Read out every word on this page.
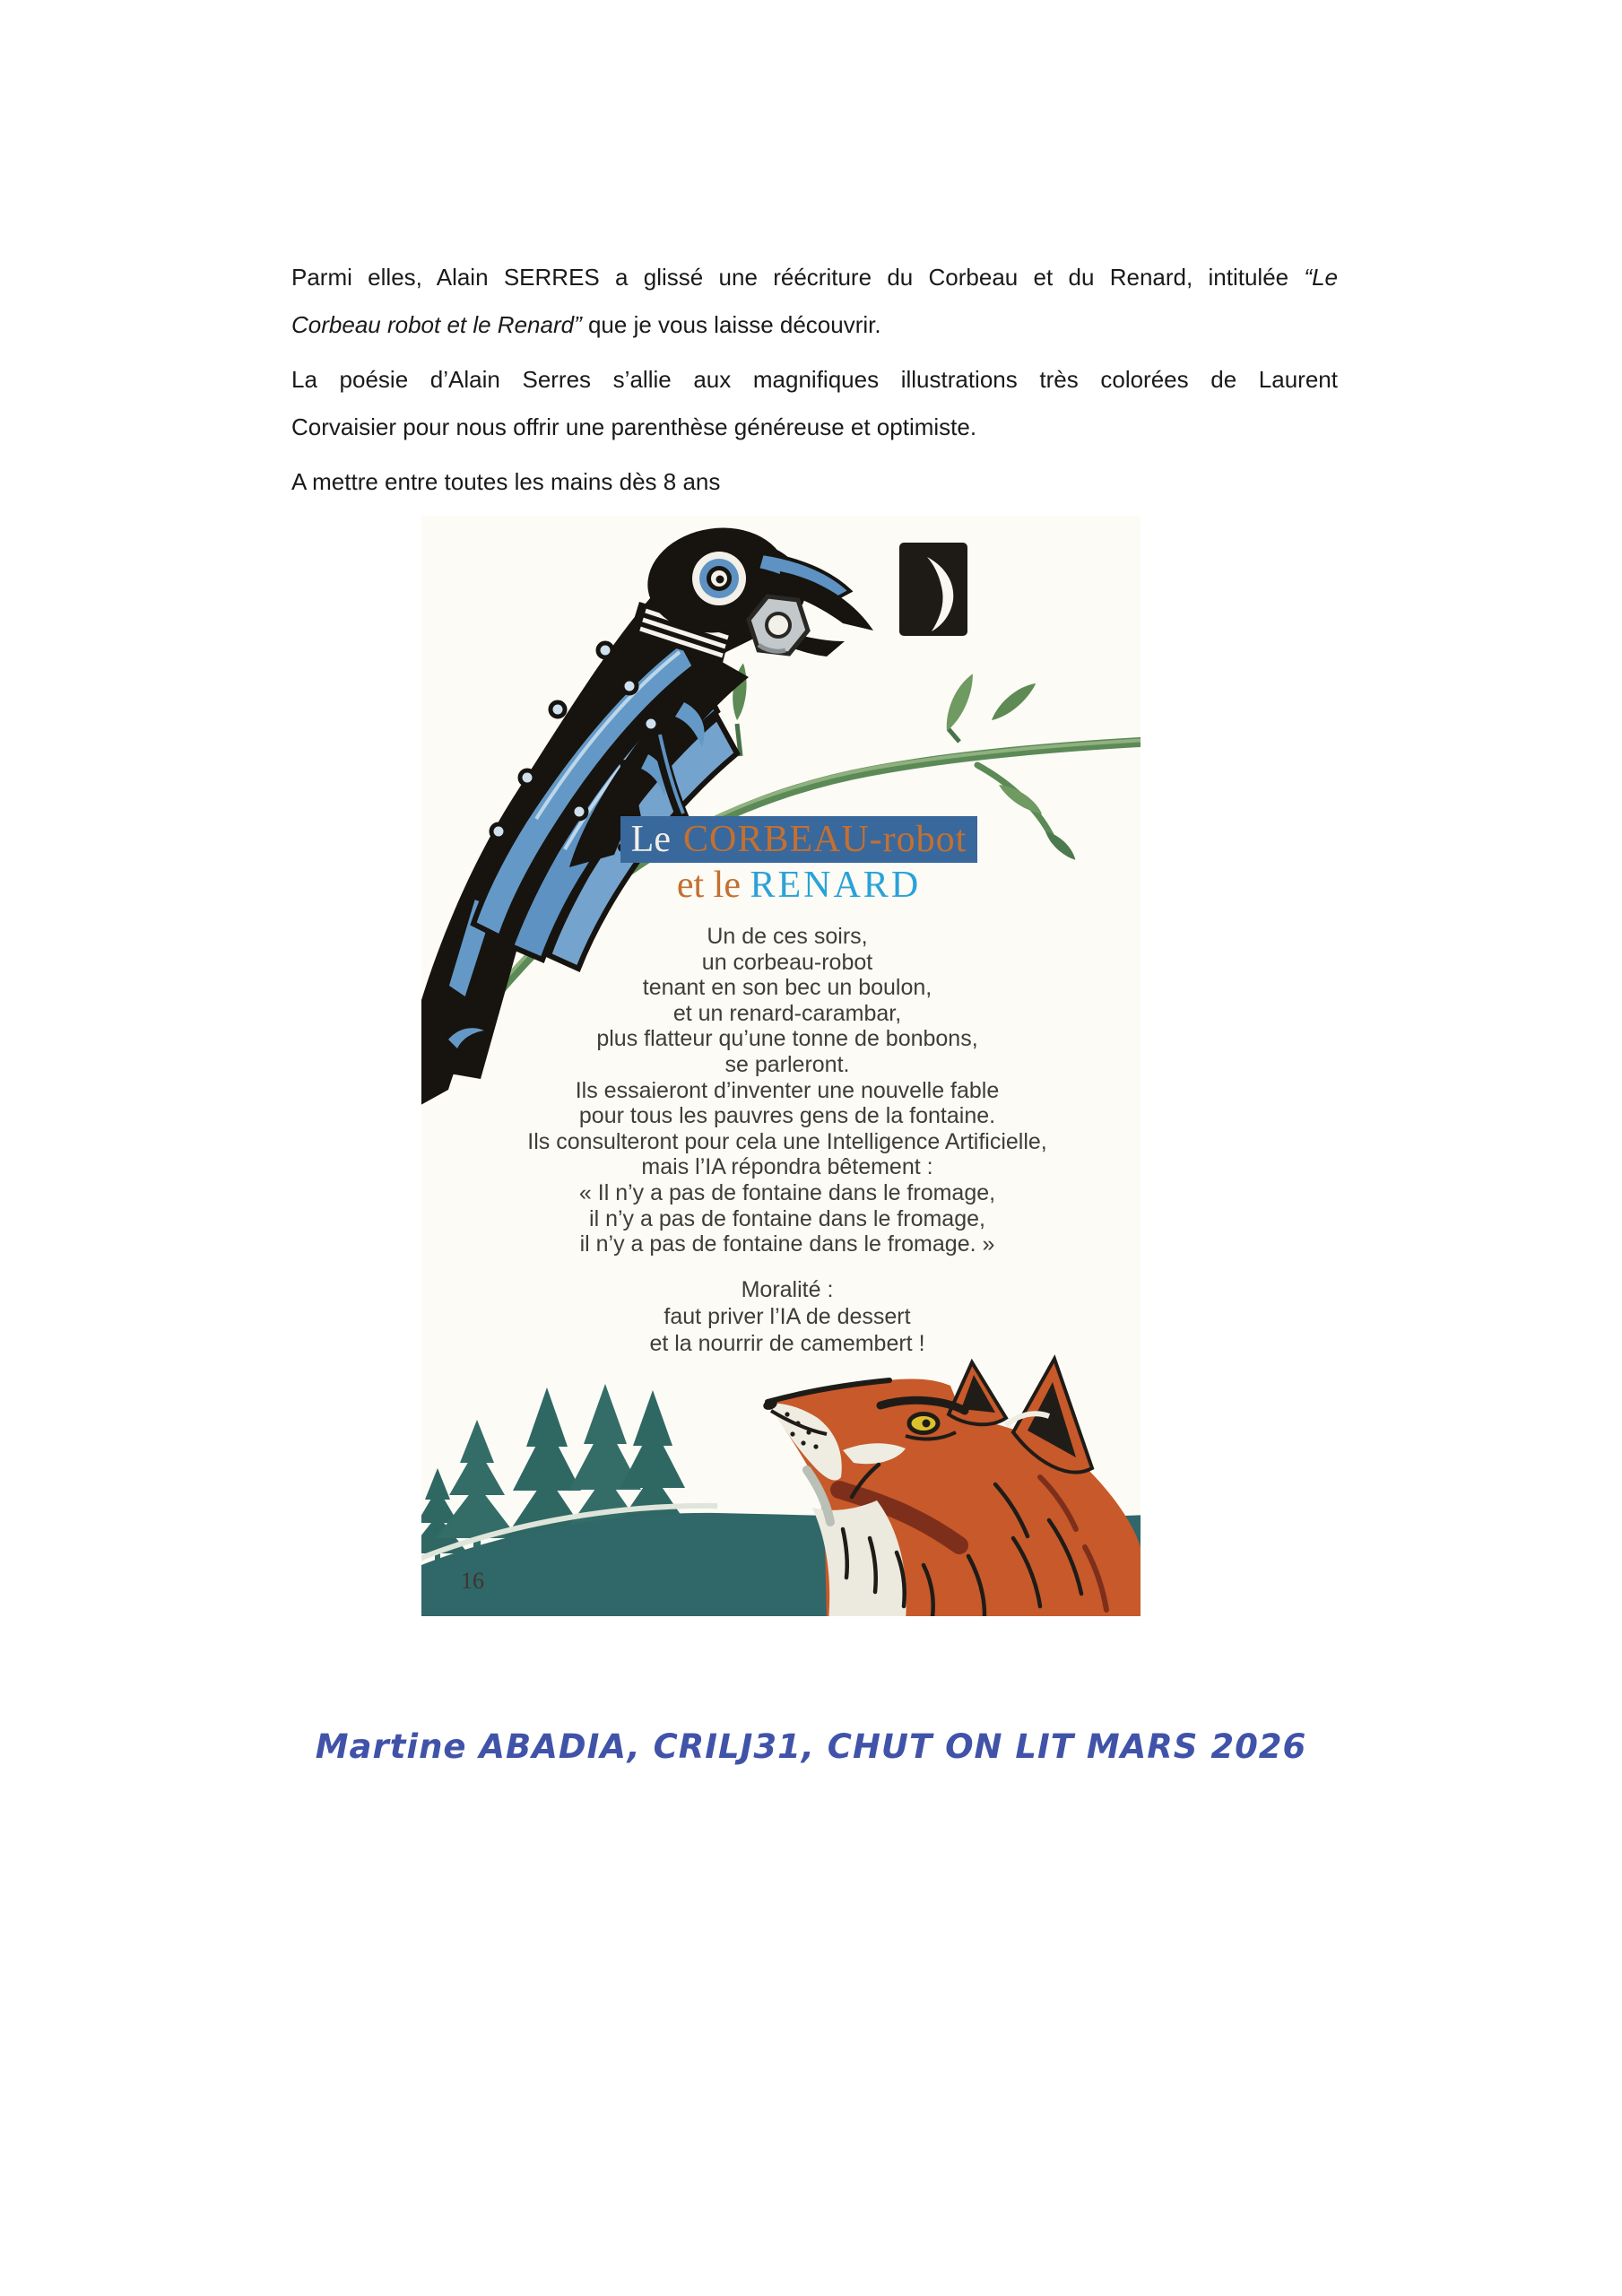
Parmi elles, Alain SERRES a glissé une réécriture du Corbeau et du Renard, intitulée “Le
Corbeau robot et le Renard” que je vous laisse découvrir.
La poésie d’Alain Serres s’allie aux magnifiques illustrations très colorées de Laurent
Corvaisier pour nous offrir une parenthèse généreuse et optimiste.
A mettre entre toutes les mains dès 8 ans
16
Le CORBEAU-robot
et le RENARD
Un de ces soirs,
un corbeau-robot
tenant en son bec un boulon,
et un renard-carambar,
plus flatteur qu’une tonne de bonbons,
se parleront.
Ils essaieront d’inventer une nouvelle fable
pour tous les pauvres gens de la fontaine.
Ils consulteront pour cela une Intelligence Artificielle,
mais l’IA répondra bêtement :
« Il n’y a pas de fontaine dans le fromage,
il n’y a pas de fontaine dans le fromage,
il n’y a pas de fontaine dans le fromage. »
Moralité :
faut priver l’IA de dessert
et la nourrir de camembert !
Martine ABADIA, CRILJ31, CHUT ON LIT MARS 2026
